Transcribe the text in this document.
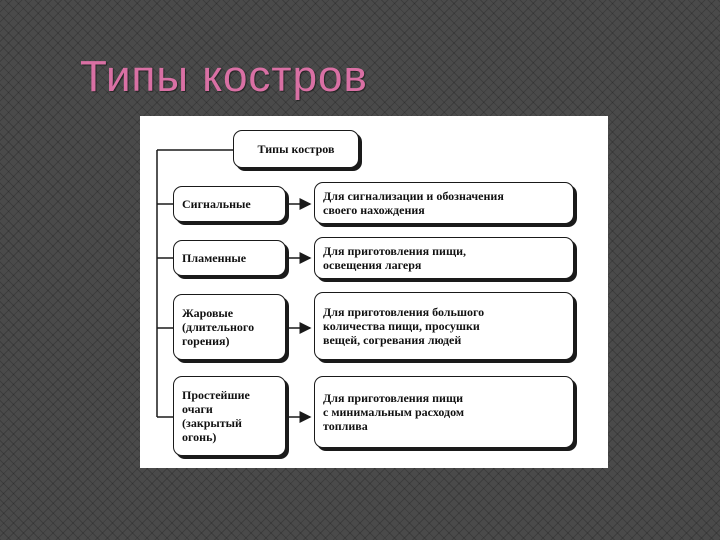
Типы костров
Типы костров
Сигнальные
Для сигнализации и обозначения
своего нахождения
Пламенные	Для приготовления пищи,
освещения лагеря
Жаровые
(длительного
горения)
Для приготовления большого
количества пищи, просушки
вещей, согревания людей
Простейшие
очаги
(закрытый
огонь)
Для приготовления пищи
с минимальным расходом
топлива
